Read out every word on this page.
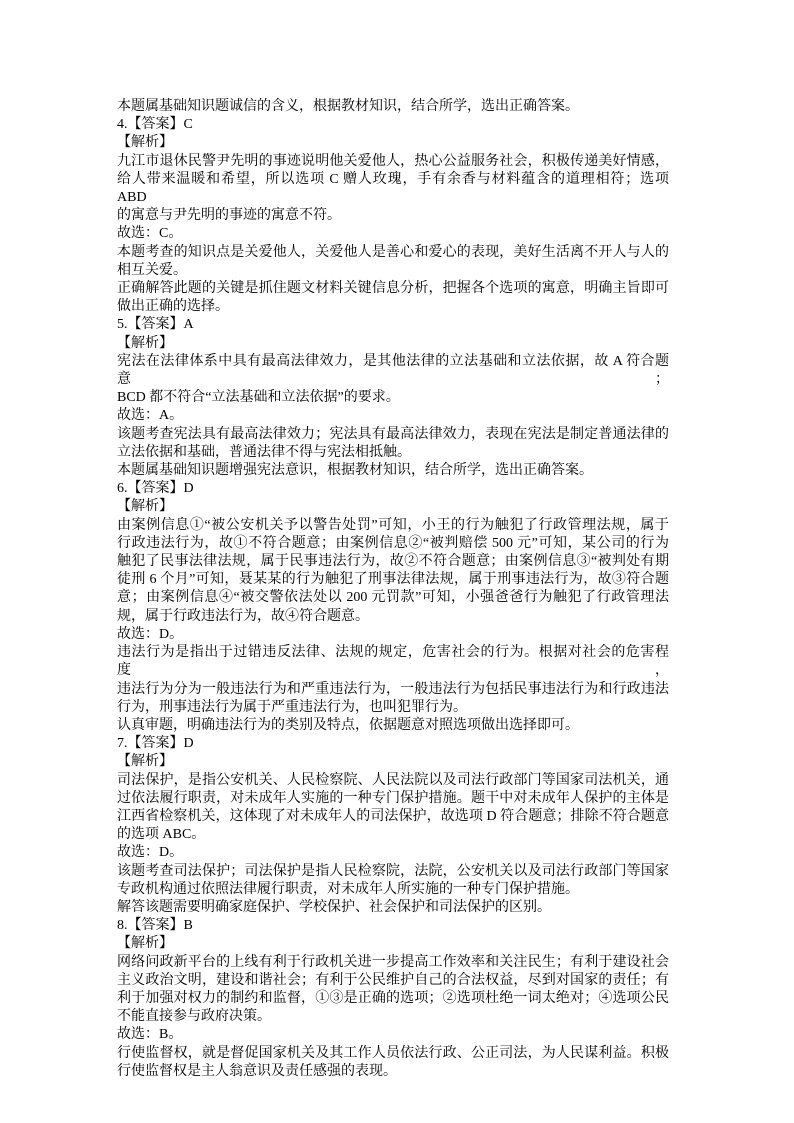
本题属基础知识题诚信的含义，根据教材知识，结合所学，选出正确答案。
4.【答案】C
【解析】
九江市退休民警尹先明的事迹说明他关爱他人，热心公益服务社会，积极传递美好情感，
给人带来温暖和希望，所以选项 C 赠人玫瑰，手有余香与材料蕴含的道理相符；选项 ABD
的寓意与尹先明的事迹的寓意不符。
故选：C。
本题考查的知识点是关爱他人，关爱他人是善心和爱心的表现，美好生活离不开人与人的
相互关爱。
正确解答此题的关键是抓住题文材料关键信息分析，把握各个选项的寓意，明确主旨即可
做出正确的选择。
5.【答案】A
【解析】
宪法在法律体系中具有最高法律效力，是其他法律的立法基础和立法依据，故 A 符合题意；
BCD 都不符合“立法基础和立法依据”的要求。
故选：A。
该题考查宪法具有最高法律效力；宪法具有最高法律效力，表现在宪法是制定普通法律的
立法依据和基础，普通法律不得与宪法相抵触。
本题属基础知识题增强宪法意识，根据教材知识，结合所学，选出正确答案。
6.【答案】D
【解析】
由案例信息①“被公安机关予以警告处罚”可知，小王的行为触犯了行政管理法规，属于
行政违法行为，故①不符合题意；由案例信息②“被判赔偿 500 元”可知，某公司的行为
触犯了民事法律法规，属于民事违法行为，故②不符合题意；由案例信息③“被判处有期
徒刑 6 个月”可知，聂某某的行为触犯了刑事法律法规，属于刑事违法行为，故③符合题
意；由案例信息④“被交警依法处以 200 元罚款”可知，小强爸爸行为触犯了行政管理法
规，属于行政违法行为，故④符合题意。
故选：D。
违法行为是指出于过错违反法律、法规的规定，危害社会的行为。根据对社会的危害程度，
违法行为分为一般违法行为和严重违法行为，一般违法行为包括民事违法行为和行政违法
行为，刑事违法行为属于严重违法行为，也叫犯罪行为。
认真审题，明确违法行为的类别及特点，依据题意对照选项做出选择即可。
7.【答案】D
【解析】
司法保护，是指公安机关、人民检察院、人民法院以及司法行政部门等国家司法机关，通
过依法履行职责，对未成年人实施的一种专门保护措施。题干中对未成年人保护的主体是
江西省检察机关，这体现了对未成年人的司法保护，故选项 D 符合题意；排除不符合题意
的选项 ABC。
故选：D。
该题考查司法保护；司法保护是指人民检察院，法院，公安机关以及司法行政部门等国家
专政机构通过依照法律履行职责，对未成年人所实施的一种专门保护措施。
解答该题需要明确家庭保护、学校保护、社会保护和司法保护的区别。
8.【答案】B
【解析】
网络问政新平台的上线有利于行政机关进一步提高工作效率和关注民生；有利于建设社会
主义政治文明，建设和谐社会；有利于公民维护自己的合法权益，尽到对国家的责任；有
利于加强对权力的制约和监督，①③是正确的选项；②选项杜绝一词太绝对；④选项公民
不能直接参与政府决策。
故选：B。
行使监督权，就是督促国家机关及其工作人员依法行政、公正司法，为人民谋利益。积极
行使监督权是主人翁意识及责任感强的表现。
